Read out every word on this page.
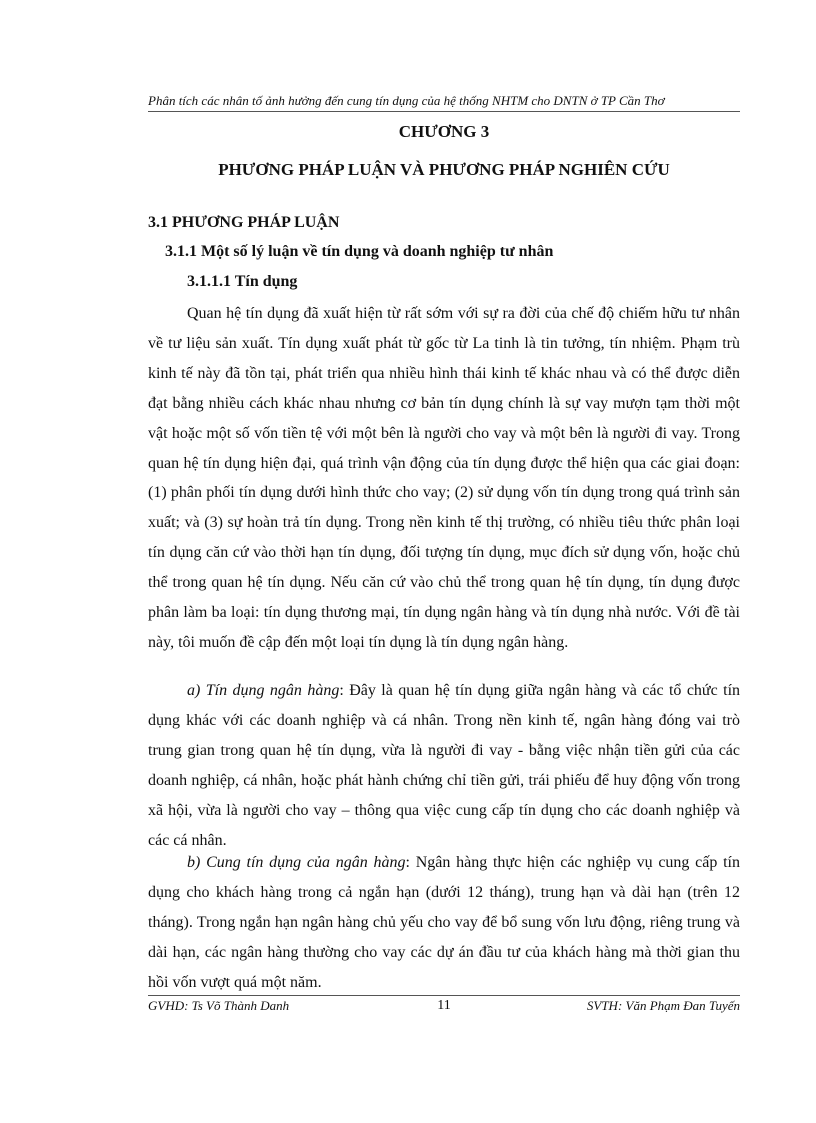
Phân tích các nhân tố ảnh hưởng đến cung tín dụng của hệ thống NHTM cho DNTN ở TP Cần Thơ
CHƯƠNG 3
PHƯƠNG PHÁP LUẬN VÀ PHƯƠNG PHÁP NGHIÊN CỨU
3.1 PHƯƠNG PHÁP LUẬN
3.1.1 Một số lý luận về tín dụng và doanh nghiệp tư nhân
3.1.1.1 Tín dụng

Quan hệ tín dụng đã xuất hiện từ rất sớm với sự ra đời của chế độ chiếm hữu tư nhân về tư liệu sản xuất. Tín dụng xuất phát từ gốc từ La tinh là tin tưởng, tín nhiệm. Phạm trù kinh tế này đã tồn tại, phát triển qua nhiều hình thái kinh tế khác nhau và có thể được diễn đạt bằng nhiều cách khác nhau nhưng cơ bản tín dụng chính là sự vay mượn tạm thời một vật hoặc một số vốn tiền tệ với một bên là người cho vay và một bên là người đi vay. Trong quan hệ tín dụng hiện đại, quá trình vận động của tín dụng được thể hiện qua các giai đoạn: (1) phân phối tín dụng dưới hình thức cho vay; (2) sử dụng vốn tín dụng trong quá trình sản xuất; và (3) sự hoàn trả tín dụng. Trong nền kinh tế thị trường, có nhiều tiêu thức phân loại tín dụng căn cứ vào thời hạn tín dụng, đối tượng tín dụng, mục đích sử dụng vốn, hoặc chủ thể trong quan hệ tín dụng. Nếu căn cứ vào chủ thể trong quan hệ tín dụng, tín dụng được phân làm ba loại: tín dụng thương mại, tín dụng ngân hàng và tín dụng nhà nước. Với đề tài này, tôi muốn đề cập đến một loại tín dụng là tín dụng ngân hàng.

a) Tín dụng ngân hàng: Đây là quan hệ tín dụng giữa ngân hàng và các tổ chức tín dụng khác với các doanh nghiệp và cá nhân. Trong nền kinh tế, ngân hàng đóng vai trò trung gian trong quan hệ tín dụng, vừa là người đi vay - bằng việc nhận tiền gửi của các doanh nghiệp, cá nhân, hoặc phát hành chứng chỉ tiền gửi, trái phiếu để huy động vốn trong xã hội, vừa là người cho vay – thông qua việc cung cấp tín dụng cho các doanh nghiệp và các cá nhân.

b) Cung tín dụng của ngân hàng: Ngân hàng thực hiện các nghiệp vụ cung cấp tín dụng cho khách hàng trong cả ngắn hạn (dưới 12 tháng), trung hạn và dài hạn (trên 12 tháng). Trong ngắn hạn ngân hàng chủ yếu cho vay để bổ sung vốn lưu động, riêng trung và dài hạn, các ngân hàng thường cho vay các dự án đầu tư của khách hàng mà thời gian thu hồi vốn vượt quá một năm.

GVHD: Ts Võ Thành Danh	11	SVTH: Văn Phạm Đan Tuyến
